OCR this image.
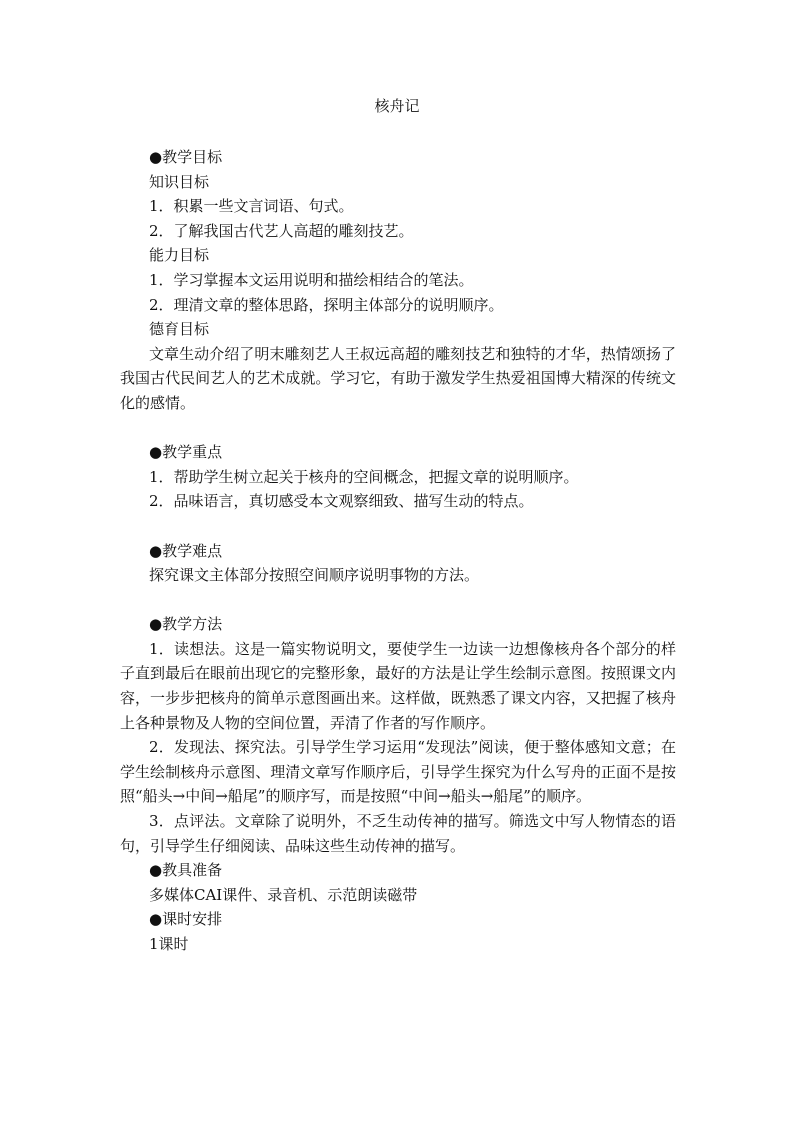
核舟记

●教学目标

知识目标

1．积累一些文言词语、句式。

2．了解我国古代艺人高超的雕刻技艺。

能力目标

1．学习掌握本文运用说明和描绘相结合的笔法。

2．理清文章的整体思路，探明主体部分的说明顺序。

德育目标

文章生动介绍了明末雕刻艺人王叔远高超的雕刻技艺和独特的才华，热情颂扬了我国古代民间艺人的艺术成就。学习它，有助于激发学生热爱祖国博大精深的传统文化的感情。

●教学重点

1．帮助学生树立起关于核舟的空间概念，把握文章的说明顺序。

2．品味语言，真切感受本文观察细致、描写生动的特点。

●教学难点

探究课文主体部分按照空间顺序说明事物的方法。

●教学方法

1．读想法。这是一篇实物说明文，要使学生一边读一边想像核舟各个部分的样子直到最后在眼前出现它的完整形象，最好的方法是让学生绘制示意图。按照课文内容，一步步把核舟的简单示意图画出来。这样做，既熟悉了课文内容，又把握了核舟上各种景物及人物的空间位置，弄清了作者的写作顺序。

2．发现法、探究法。引导学生学习运用“发现法”阅读，便于整体感知文意；在学生绘制核舟示意图、理清文章写作顺序后，引导学生探究为什么写舟的正面不是按照“船头→中间→船尾”的顺序写，而是按照“中间→船头→船尾”的顺序。

3．点评法。文章除了说明外，不乏生动传神的描写。筛选文中写人物情态的语句，引导学生仔细阅读、品味这些生动传神的描写。

●教具准备

多媒体CAI课件、录音机、示范朗读磁带

●课时安排

1课时
